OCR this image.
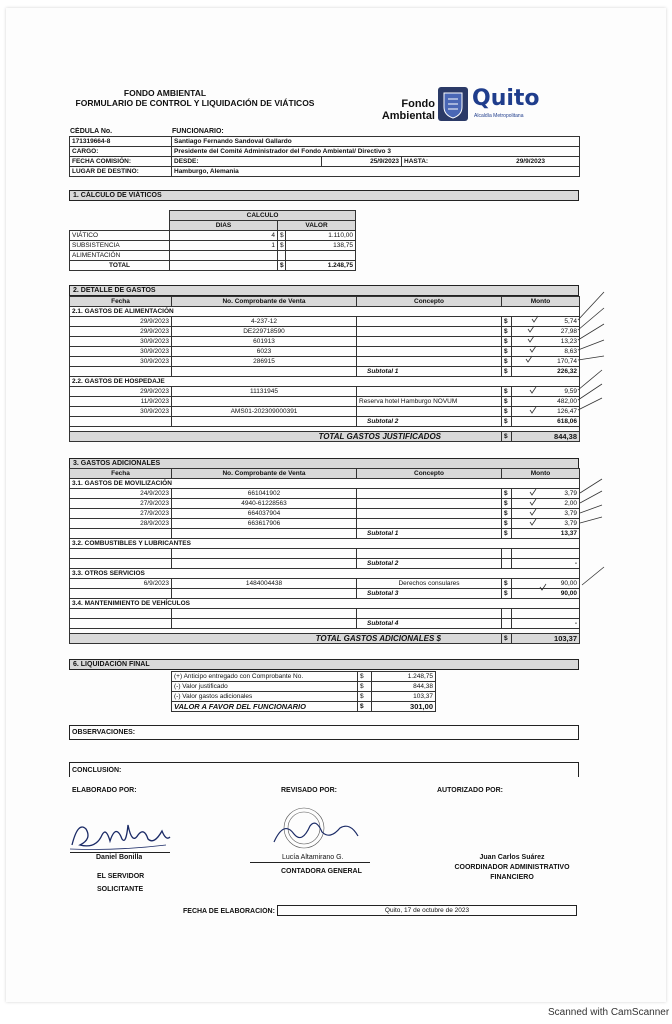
FONDO AMBIENTAL
FORMULARIO DE CONTROL Y LIQUIDACIÓN DE VIÁTICOS	Fondo
Ambiental
Quito
Alcaldía Metropolitana
CÉDULA No.	FUNCIONARIO:
171319664-8	Santiago Fernando Sandoval Gallardo		
CARGO:	Presidente del Comité Administrador del Fondo Ambiental/ Directivo 3		
FECHA COMISIÓN:	DESDE:	25/9/2023	HASTA: 29/9/2023
LUGAR DE DESTINO:	Hamburgo, Alemania		
1. CÁLCULO DE VIÁTICOS
	CALCULO		
	DIAS	VALOR	
VIÁTICO	4	$	1.110,00
SUBSISTENCIA	1	$	138,75
ALIMENTACIÓN			
TOTAL		$	1.248,75
2. DETALLE DE GASTOS
Fecha	No. Comprobante de Venta	Concepto	Monto	
2.1. GASTOS DE ALIMENTACIÓN				
29/9/2023	4-237-12		$	5,74
29/9/2023	DE229718590		$	27,98
30/9/2023	601913		$	13,23
30/9/2023	6023		$	8,63
30/9/2023	286915		$	170,74
		Subtotal 1	$	226,32
2.2. GASTOS DE HOSPEDAJE				
29/9/2023	11131945		$	9,59
11/9/2023		Reserva hotel Hamburgo NOVUM	$	482,00
30/9/2023	AMS01-202309000391		$	126,47
		Subtotal 2	$	618,06

TOTAL GASTOS JUSTIFICADOS			$	844,38
3. GASTOS ADICIONALES
Fecha	No. Comprobante de Venta	Concepto	Monto	
3.1. GASTOS DE MOVILIZACIÓN				
24/9/2023	661041902		$	3,79
27/9/2023	4940-61228563		$	2,00
27/9/2023	664037904		$	3,79
28/9/2023	663617906		$	3,79
		Subtotal 1	$	13,37
3.2. COMBUSTIBLES Y LUBRICANTES				

		Subtotal 2		-
3.3. OTROS SERVICIOS				
6/9/2023	1484004438	Derechos consulares	$	90,00
		Subtotal 3	$	90,00
3.4. MANTENIMIENTO DE VEHÍCULOS				

		Subtotal 4		-

TOTAL GASTOS ADICIONALES $			$	103,37
6. LIQUIDACIÓN FINAL
(+) Anticipo entregado con Comprobante No.	$	1.248,75
(-) Valor justificado	$	844,38
(-) Valor gastos adicionales	$	103,37
VALOR A FAVOR DEL FUNCIONARIO	$	301,00
OBSERVACIONES:
CONCLUSIÓN:
ELABORADO POR:	REVISADO POR:	AUTORIZADO POR:
Daniel Bonilla
EL SERVIDOR
SOLICITANTE
Lucía Altamirano G.
CONTADORA GENERAL
Juan Carlos Suárez
COORDINADOR ADMINISTRATIVO
FINANCIERO
FECHA DE ELABORACIÓN:	Quito, 17 de octubre de 2023
Scanned with CamScanner
